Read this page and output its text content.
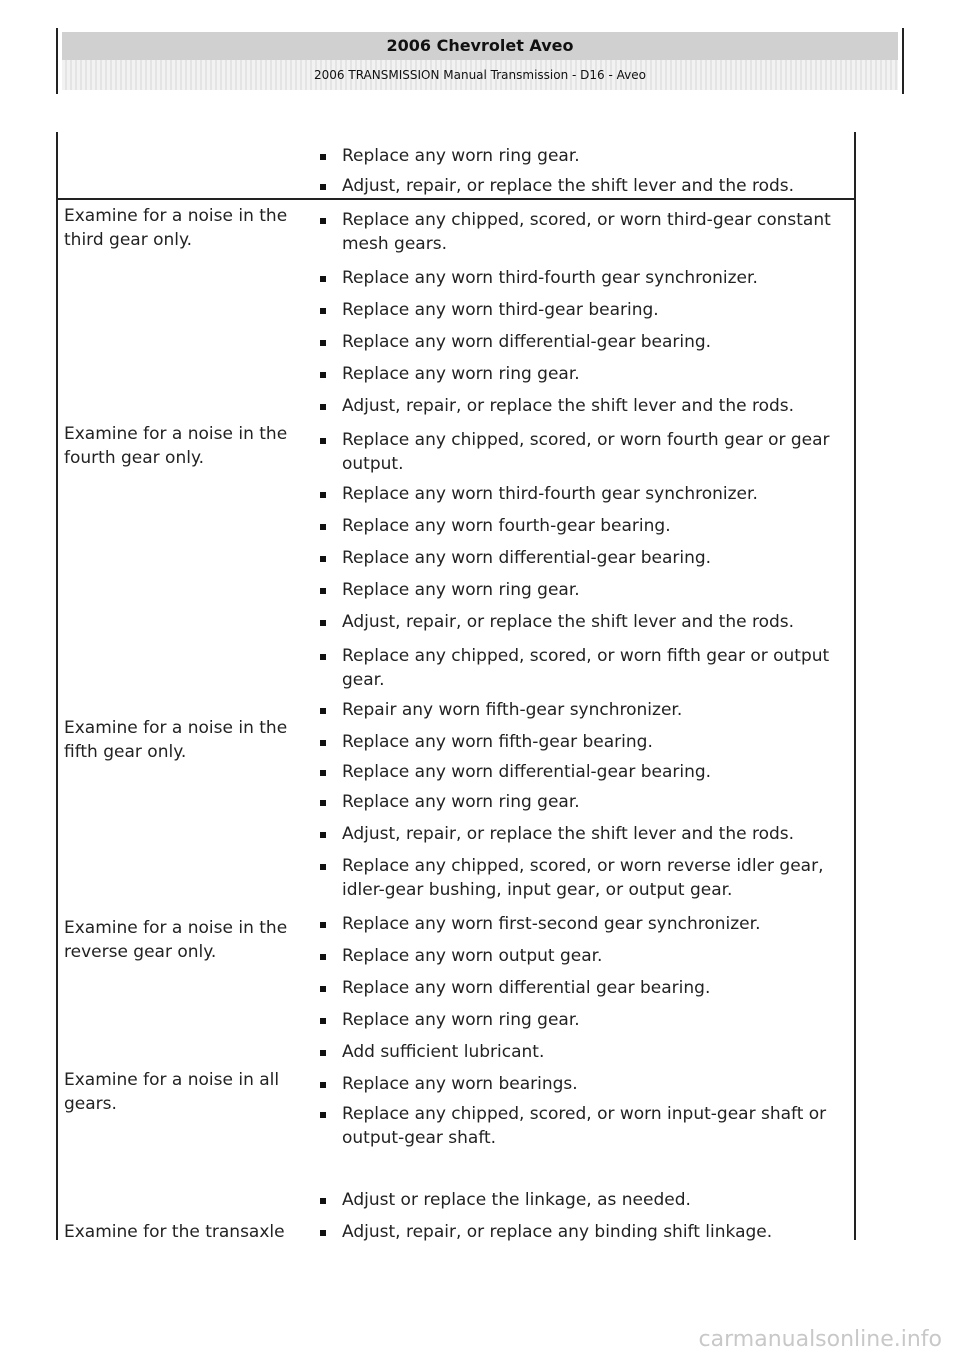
2006 Chevrolet Aveo
2006 TRANSMISSION Manual Transmission - D16 - Aveo
Replace any worn ring gear.
Adjust, repair, or replace the shift lever and the rods.
Examine for a noise in the third gear only.
Replace any chipped, scored, or worn third-gear constant mesh gears.
Replace any worn third-fourth gear synchronizer.
Replace any worn third-gear bearing.
Replace any worn differential-gear bearing.
Replace any worn ring gear.
Adjust, repair, or replace the shift lever and the rods.
Examine for a noise in the fourth gear only.
Replace any chipped, scored, or worn fourth gear or gear output.
Replace any worn third-fourth gear synchronizer.
Replace any worn fourth-gear bearing.
Replace any worn differential-gear bearing.
Replace any worn ring gear.
Adjust, repair, or replace the shift lever and the rods.
Replace any chipped, scored, or worn fifth gear or output gear.
Repair any worn fifth-gear synchronizer.
Examine for a noise in the fifth gear only.	Replace any worn fifth-gear bearing.
Replace any worn differential-gear bearing.
Replace any worn ring gear.
Adjust, repair, or replace the shift lever and the rods.
Replace any chipped, scored, or worn reverse idler gear, idler-gear bushing, input gear, or output gear.
Examine for a noise in the reverse gear only.
Replace any worn first-second gear synchronizer.
Replace any worn output gear.
Replace any worn differential gear bearing.
Replace any worn ring gear.
Add sufficient lubricant.
Examine for a noise in all gears.
Replace any worn bearings.
Replace any chipped, scored, or worn input-gear shaft or output-gear shaft.
Adjust or replace the linkage, as needed.
Examine for the transaxle	Adjust, repair, or replace any binding shift linkage.
carmanualsonline.info
